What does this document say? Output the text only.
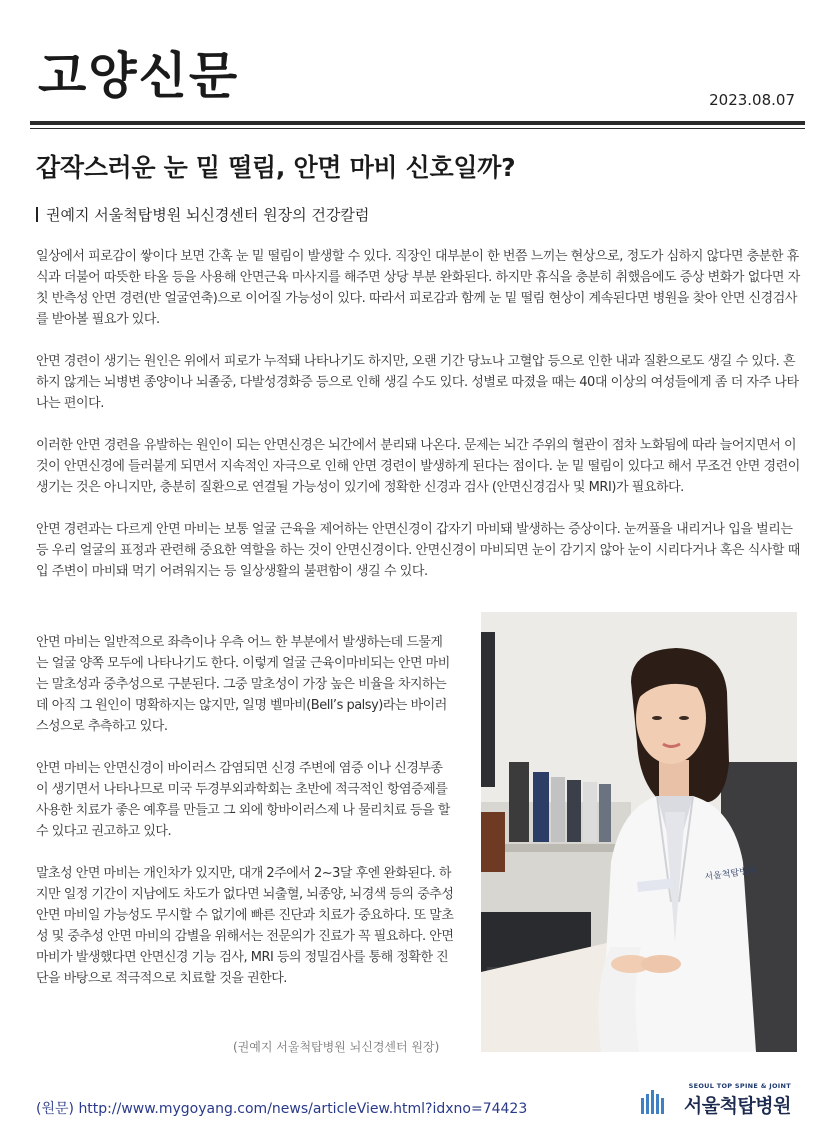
고양신문	2023.08.07
갑작스러운 눈 밑 떨림, 안면 마비 신호일까?
권예지 서울척탑병원 뇌신경센터 원장의 건강칼럼

일상에서 피로감이 쌓이다 보면 간혹 눈 밑 떨림이 발생할 수 있다. 직장인 대부분이 한 번쯤 느끼는 현상으로, 정도가 심하지 않다면 충분한 휴식과 더불어 따뜻한 타올 등을 사용해 안면근육 마사지를 해주면 상당 부분 완화된다. 하지만 휴식을 충분히 취했음에도 증상 변화가 없다면 자칫 반측성 안면 경련(반 얼굴연축)으로 이어질 가능성이 있다. 따라서 피로감과 함께 눈 밑 떨림 현상이 계속된다면 병원을 찾아 안면 신경검사를 받아볼 필요가 있다.

안면 경련이 생기는 원인은 위에서 피로가 누적돼 나타나기도 하지만, 오랜 기간 당뇨나 고혈압 등으로 인한 내과 질환으로도 생길 수 있다. 흔하지 않게는 뇌병변 종양이나 뇌졸중, 다발성경화증 등으로 인해 생길 수도 있다. 성별로 따졌을 때는 40대 이상의 여성들에게 좀 더 자주 나타나는 편이다.

이러한 안면 경련을 유발하는 원인이 되는 안면신경은 뇌간에서 분리돼 나온다. 문제는 뇌간 주위의 혈관이 점차 노화됨에 따라 늘어지면서 이것이 안면신경에 들러붙게 되면서 지속적인 자극으로 인해 안면 경련이 발생하게 된다는 점이다. 눈 밑 떨림이 있다고 해서 무조건 안면 경련이 생기는 것은 아니지만, 충분히 질환으로 연결될 가능성이 있기에 정확한 신경과 검사 (안면신경검사 및 MRI)가 필요하다.

안면 경련과는 다르게 안면 마비는 보통 얼굴 근육을 제어하는 안면신경이 갑자기 마비돼 발생하는 증상이다. 눈꺼풀을 내리거나 입을 벌리는 등 우리 얼굴의 표정과 관련해 중요한 역할을 하는 것이 안면신경이다. 안면신경이 마비되면 눈이 감기지 않아 눈이 시리다거나 혹은 식사할 때 입 주변이 마비돼 먹기 어려워지는 등 일상생활의 불편함이 생길 수 있다.

안면 마비는 일반적으로 좌측이나 우측 어느 한 부분에서 발생하는데 드물게는 얼굴 양쪽 모두에 나타나기도 한다. 이렇게 얼굴 근육이마비되는 안면 마비는 말초성과 중추성으로 구분된다. 그중 말초성이 가장 높은 비율을 차지하는데 아직 그 원인이 명확하지는 않지만, 일명 벨마비(Bell’s palsy)라는 바이러스성으로 추측하고 있다.

안면 마비는 안면신경이 바이러스 감염되면 신경 주변에 염증 이나 신경부종이 생기면서 나타나므로 미국 두경부외과학회는 초반에 적극적인 항염증제를 사용한 치료가 좋은 예후를 만들고 그 외에 항바이러스제 나 물리치료 등을 할 수 있다고 권고하고 있다.

말초성 안면 마비는 개인차가 있지만, 대개 2주에서 2~3달 후엔 완화된다. 하지만 일정 기간이 지남에도 차도가 없다면 뇌출혈, 뇌종양, 뇌경색 등의 중추성 안면 마비일 가능성도 무시할 수 없기에 빠른 진단과 치료가 중요하다. 또 말초성 및 중추성 안면 마비의 감별을 위해서는 전문의가 진료가 꼭 필요하다. 안면마비가 발생했다면 안면신경 기능 검사, MRI 등의 정밀검사를 통해 정확한 진단을 바탕으로 적극적으로 치료할 것을 권한다.

서울척탑병원
(권예지 서울척탑병원 뇌신경센터 원장)
(원문) http://www.mygoyang.com/news/articleView.html?idxno=74423
SEOUL TOP SPINE & JOINT
서울척탑병원
